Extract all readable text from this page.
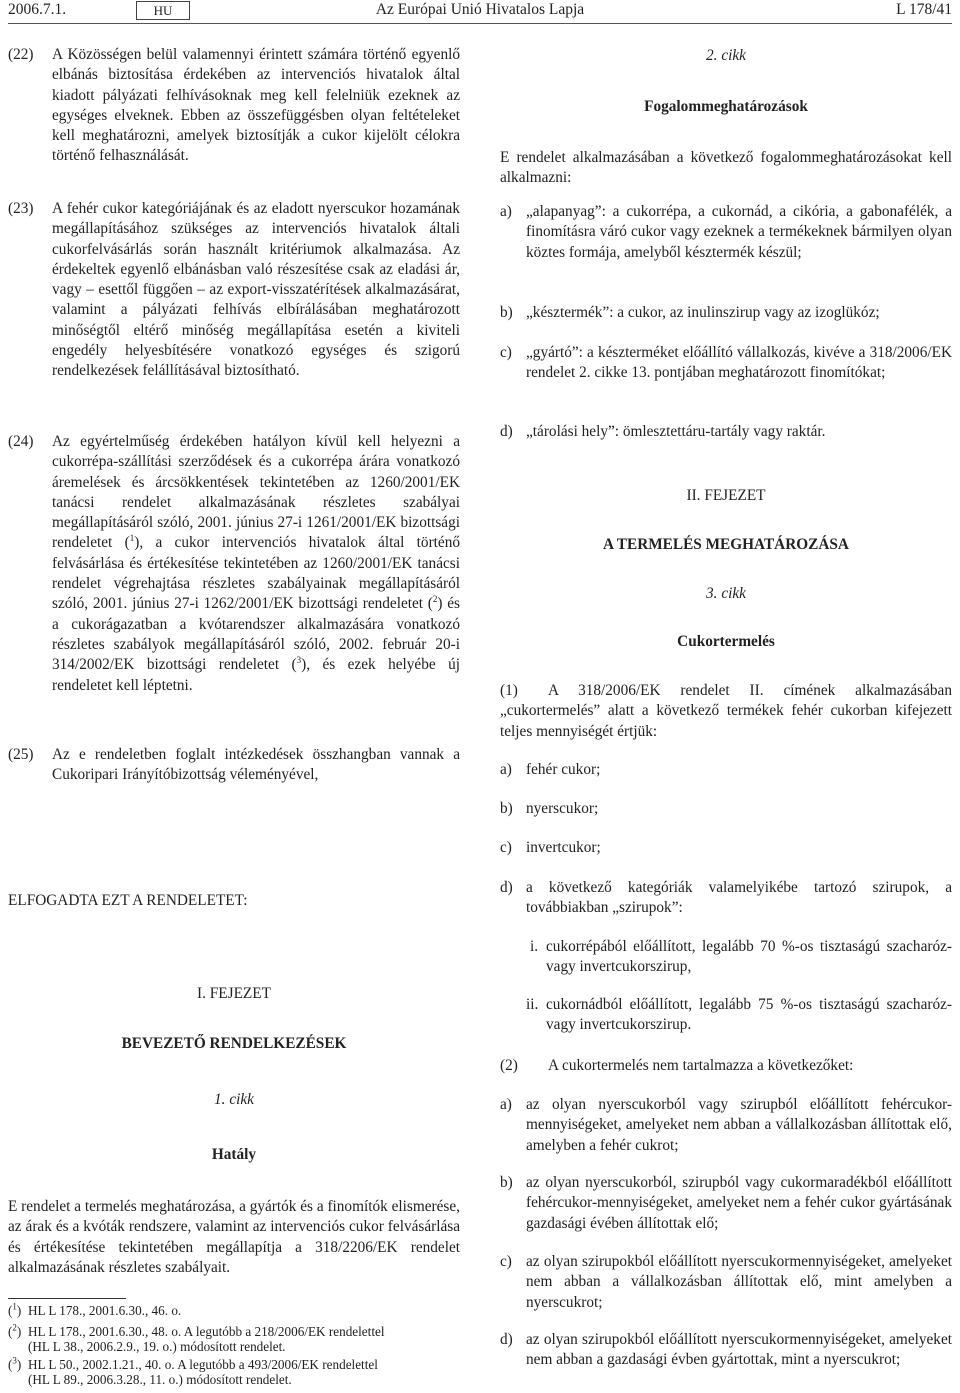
2006.7.1.	HU	Az Európai Unió Hivatalos Lapja	L 178/41
(22) A Közösségen belül valamennyi érintett számára történő egyenlő elbánás biztosítása érdekében az intervenciós hivatalok által kiadott pályázati felhívásoknak meg kell felelniük ezeknek az egységes elveknek. Ebben az összefüggésben olyan feltételeket kell meghatározni, amelyek biztosítják a cukor kijelölt célokra történő felhasználását.
(23) A fehér cukor kategóriájának és az eladott nyerscukor hozamának megállapításához szükséges az intervenciós hivatalok általi cukorfelvásárlás során használt kritériumok alkalmazása. Az érdekeltek egyenlő elbánásban való részesítése csak az eladási ár, vagy – esettől függően – az export-visszatérítések alkalmazásárat, valamint a pályázati felhívás elbírálásában meghatározott minőségtől eltérő minőség megállapítása esetén a kiviteli engedély helyesbítésére vonatkozó egységes és szigorú rendelkezések felállításával biztosítható.
(24) Az egyértelműség érdekében hatályon kívül kell helyezni a cukorrépa-szállítási szerződések és a cukorrépa árára vonatkozó áremelések és árcsökkentések tekintetében az 1260/2001/EK tanácsi rendelet alkalmazásának részletes szabályai megállapításáról szóló, 2001. június 27-i 1261/2001/EK bizottsági rendeletet ($^1$), a cukor intervenciós hivatalok által történő felvásárlása és értékesítése tekintetében az 1260/2001/EK tanácsi rendelet végrehajtása részletes szabályainak megállapításáról szóló, 2001. június 27-i 1262/2001/EK bizottsági rendeletet ($^2$) és a cukorágazatban a kvótarendszer alkalmazására vonatkozó részletes szabályok megállapításáról szóló, 2002. február 20-i 314/2002/EK bizottsági rendeletet ($^3$), és ezek helyébe új rendeletet kell léptetni.
(25) Az e rendeletben foglalt intézkedések összhangban vannak a Cukoripari Irányítóbizottság véleményével,
ELFOGADTA EZT A RENDELETET:
I. FEJEZET
BEVEZETŐ RENDELKEZÉSEK
1. cikk
Hatály
E rendelet a termelés meghatározása, a gyártók és a finomítók elismerése, az árak és a kvóták rendszere, valamint az intervenciós cukor felvásárlása és értékesítése tekintetében megállapítja a 318/2206/EK rendelet alkalmazásának részletes szabályait.
($^1$) HL L 178., 2001.6.30., 46. o.
($^2$) HL L 178., 2001.6.30., 48. o. A legutóbb a 218/2006/EK rendelettel
(HL L 38., 2006.2.9., 19. o.) módosított rendelet.
($^3$) HL L 50., 2002.1.21., 40. o. A legutóbb a 493/2006/EK rendelettel
(HL L 89., 2006.3.28., 11. o.) módosított rendelet.
2. cikk
Fogalommeghatározások
E rendelet alkalmazásában a következő fogalommeghatározásokat kell alkalmazni:
a) „alapanyag”: a cukorrépa, a cukornád, a cikória, a gabonafélék, a finomításra váró cukor vagy ezeknek a termékeknek bármilyen olyan köztes formája, amelyből késztermék készül;
b) „késztermék”: a cukor, az inulinszirup vagy az izoglükóz;
c) „gyártó”: a készterméket előállító vállalkozás, kivéve a 318/2006/EK rendelet 2. cikke 13. pontjában meghatározott finomítókat;
d) „tárolási hely”: ömlesztettáru-tartály vagy raktár.
II. FEJEZET
A TERMELÉS MEGHATÁROZÁSA
3. cikk
Cukortermelés
(1)	A 318/2006/EK rendelet II. címének alkalmazásában „cukortermelés” alatt a következő termékek fehér cukorban kifejezett teljes mennyiségét értjük:
a) fehér cukor;
b) nyerscukor;
c) invertcukor;
d) a következő kategóriák valamelyikébe tartozó szirupok, a továbbiakban „szirupok”:
i. cukorrépából előállított, legalább 70 %-os tisztaságú szacharóz- vagy invertcukorszirup,
ii. cukornádból előállított, legalább 75 %-os tisztaságú szacharóz- vagy invertcukorszirup.
(2) A cukortermelés nem tartalmazza a következőket:
a) az olyan nyerscukorból vagy szirupból előállított fehércukor-mennyiségeket, amelyeket nem abban a vállalkozásban állítottak elő, amelyben a fehér cukrot;
b) az olyan nyerscukorból, szirupból vagy cukormaradékból előállított fehércukor-mennyiségeket, amelyeket nem a fehér cukor gyártásának gazdasági évében állítottak elő;
c) az olyan szirupokból előállított nyerscukormennyiségeket, amelyeket nem abban a vállalkozásban állítottak elő, mint amelyben a nyerscukrot;
d) az olyan szirupokból előállított nyerscukormennyiségeket, amelyeket nem abban a gazdasági évben gyártottak, mint a nyerscukrot;
